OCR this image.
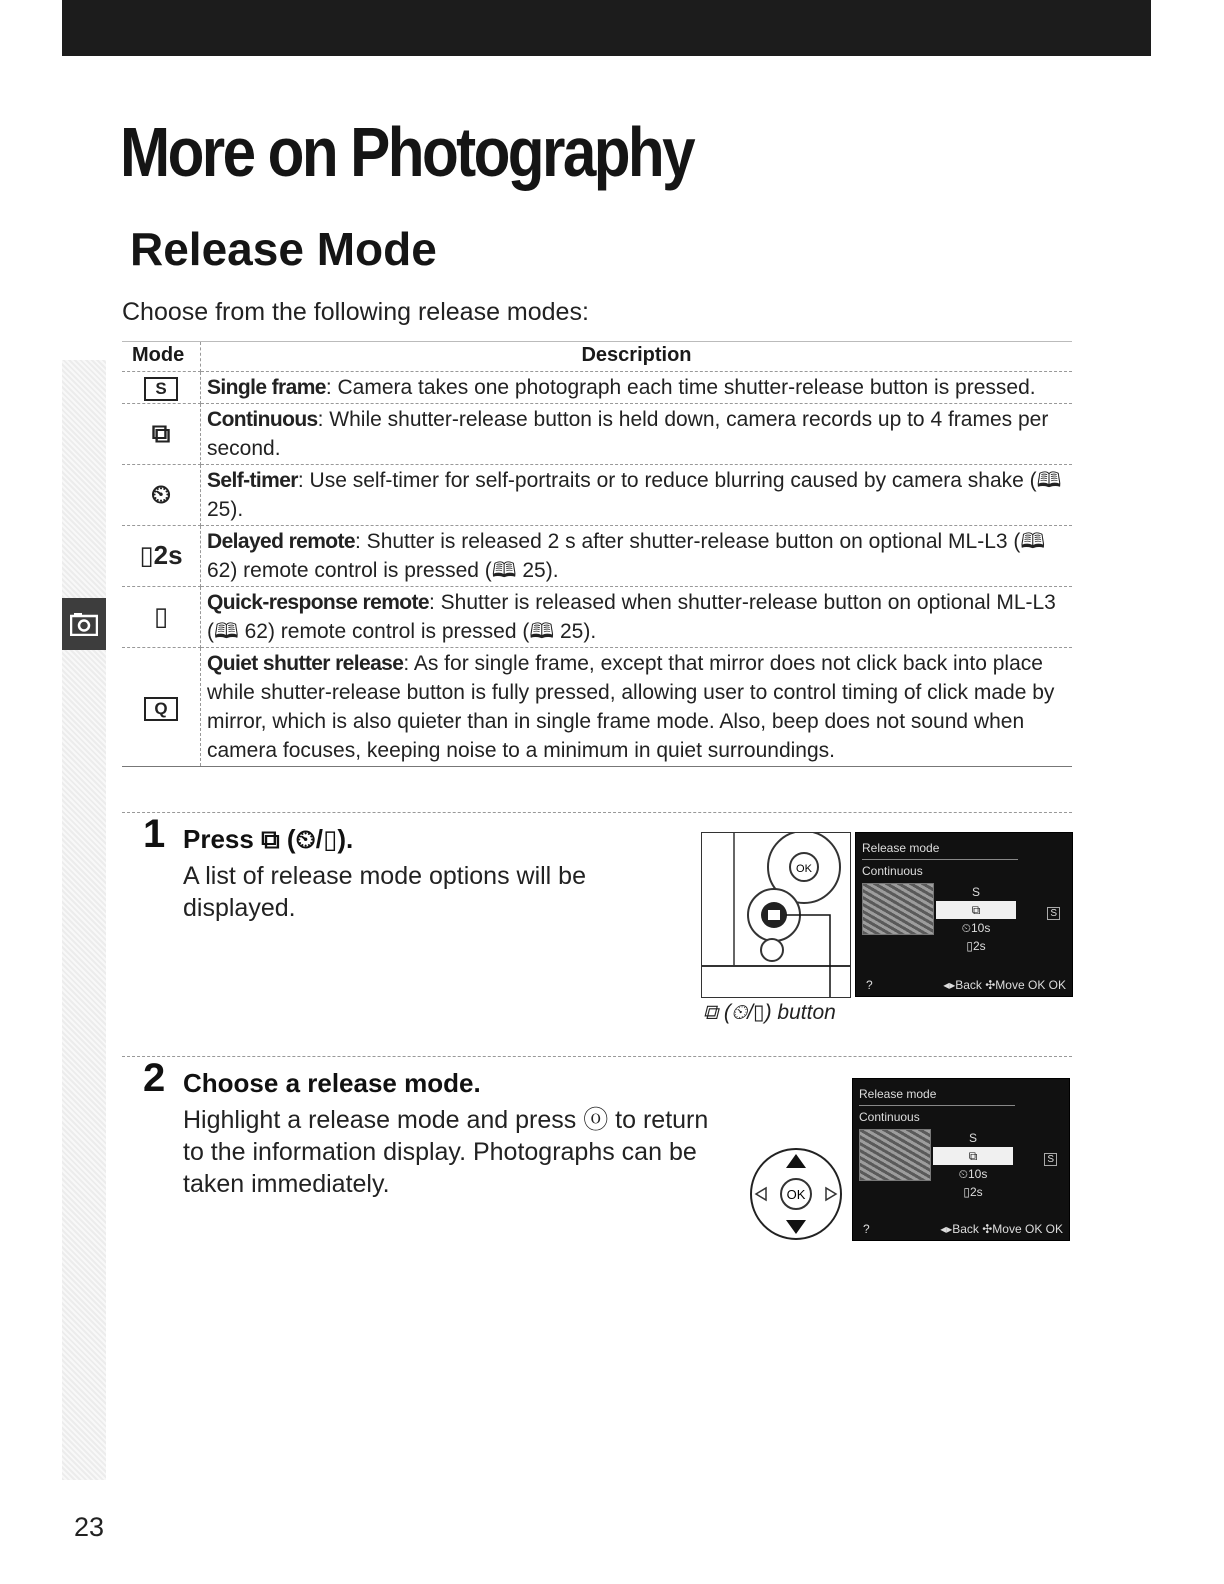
More on Photography
Release Mode
Choose from the following release modes:
Mode	Description
S	Single frame: Camera takes one photograph each time shutter-release button is pressed.
⧉	Continuous: While shutter-release button is held down, camera records up to 4 frames per second.
⏲	Self-timer: Use self-timer for self-portraits or to reduce blurring caused by camera shake (🕮 25).
▯2s	Delayed remote: Shutter is released 2 s after shutter-release button on optional ML-L3 (🕮 62) remote control is pressed (🕮 25).
▯	Quick-response remote: Shutter is released when shutter-release button on optional ML-L3 (🕮 62) remote control is pressed (🕮 25).
Q	Quiet shutter release: As for single frame, except that mirror does not click back into place while shutter-release button is fully pressed, allowing user to control timing of click made by mirror, which is also quieter than in single frame mode. Also, beep does not sound when camera focuses, keeping noise to a minimum in quiet surroundings.
1 Press ⧉ (⏲/▯).
A list of release mode options will be displayed.
OK
Release mode
Continuous
S
⧉
⏲10s
▯2s
S
?	◂▸Back ✣Move OK OK
⧉ (⏲/▯) button
2 Choose a release mode.
Highlight a release mode and press ⓞ to return to the information display. Photographs can be taken immediately.	OK
Release mode
Continuous
S
⧉
⏲10s
▯2s
S
?	◂▸Back ✣Move OK OK
23
